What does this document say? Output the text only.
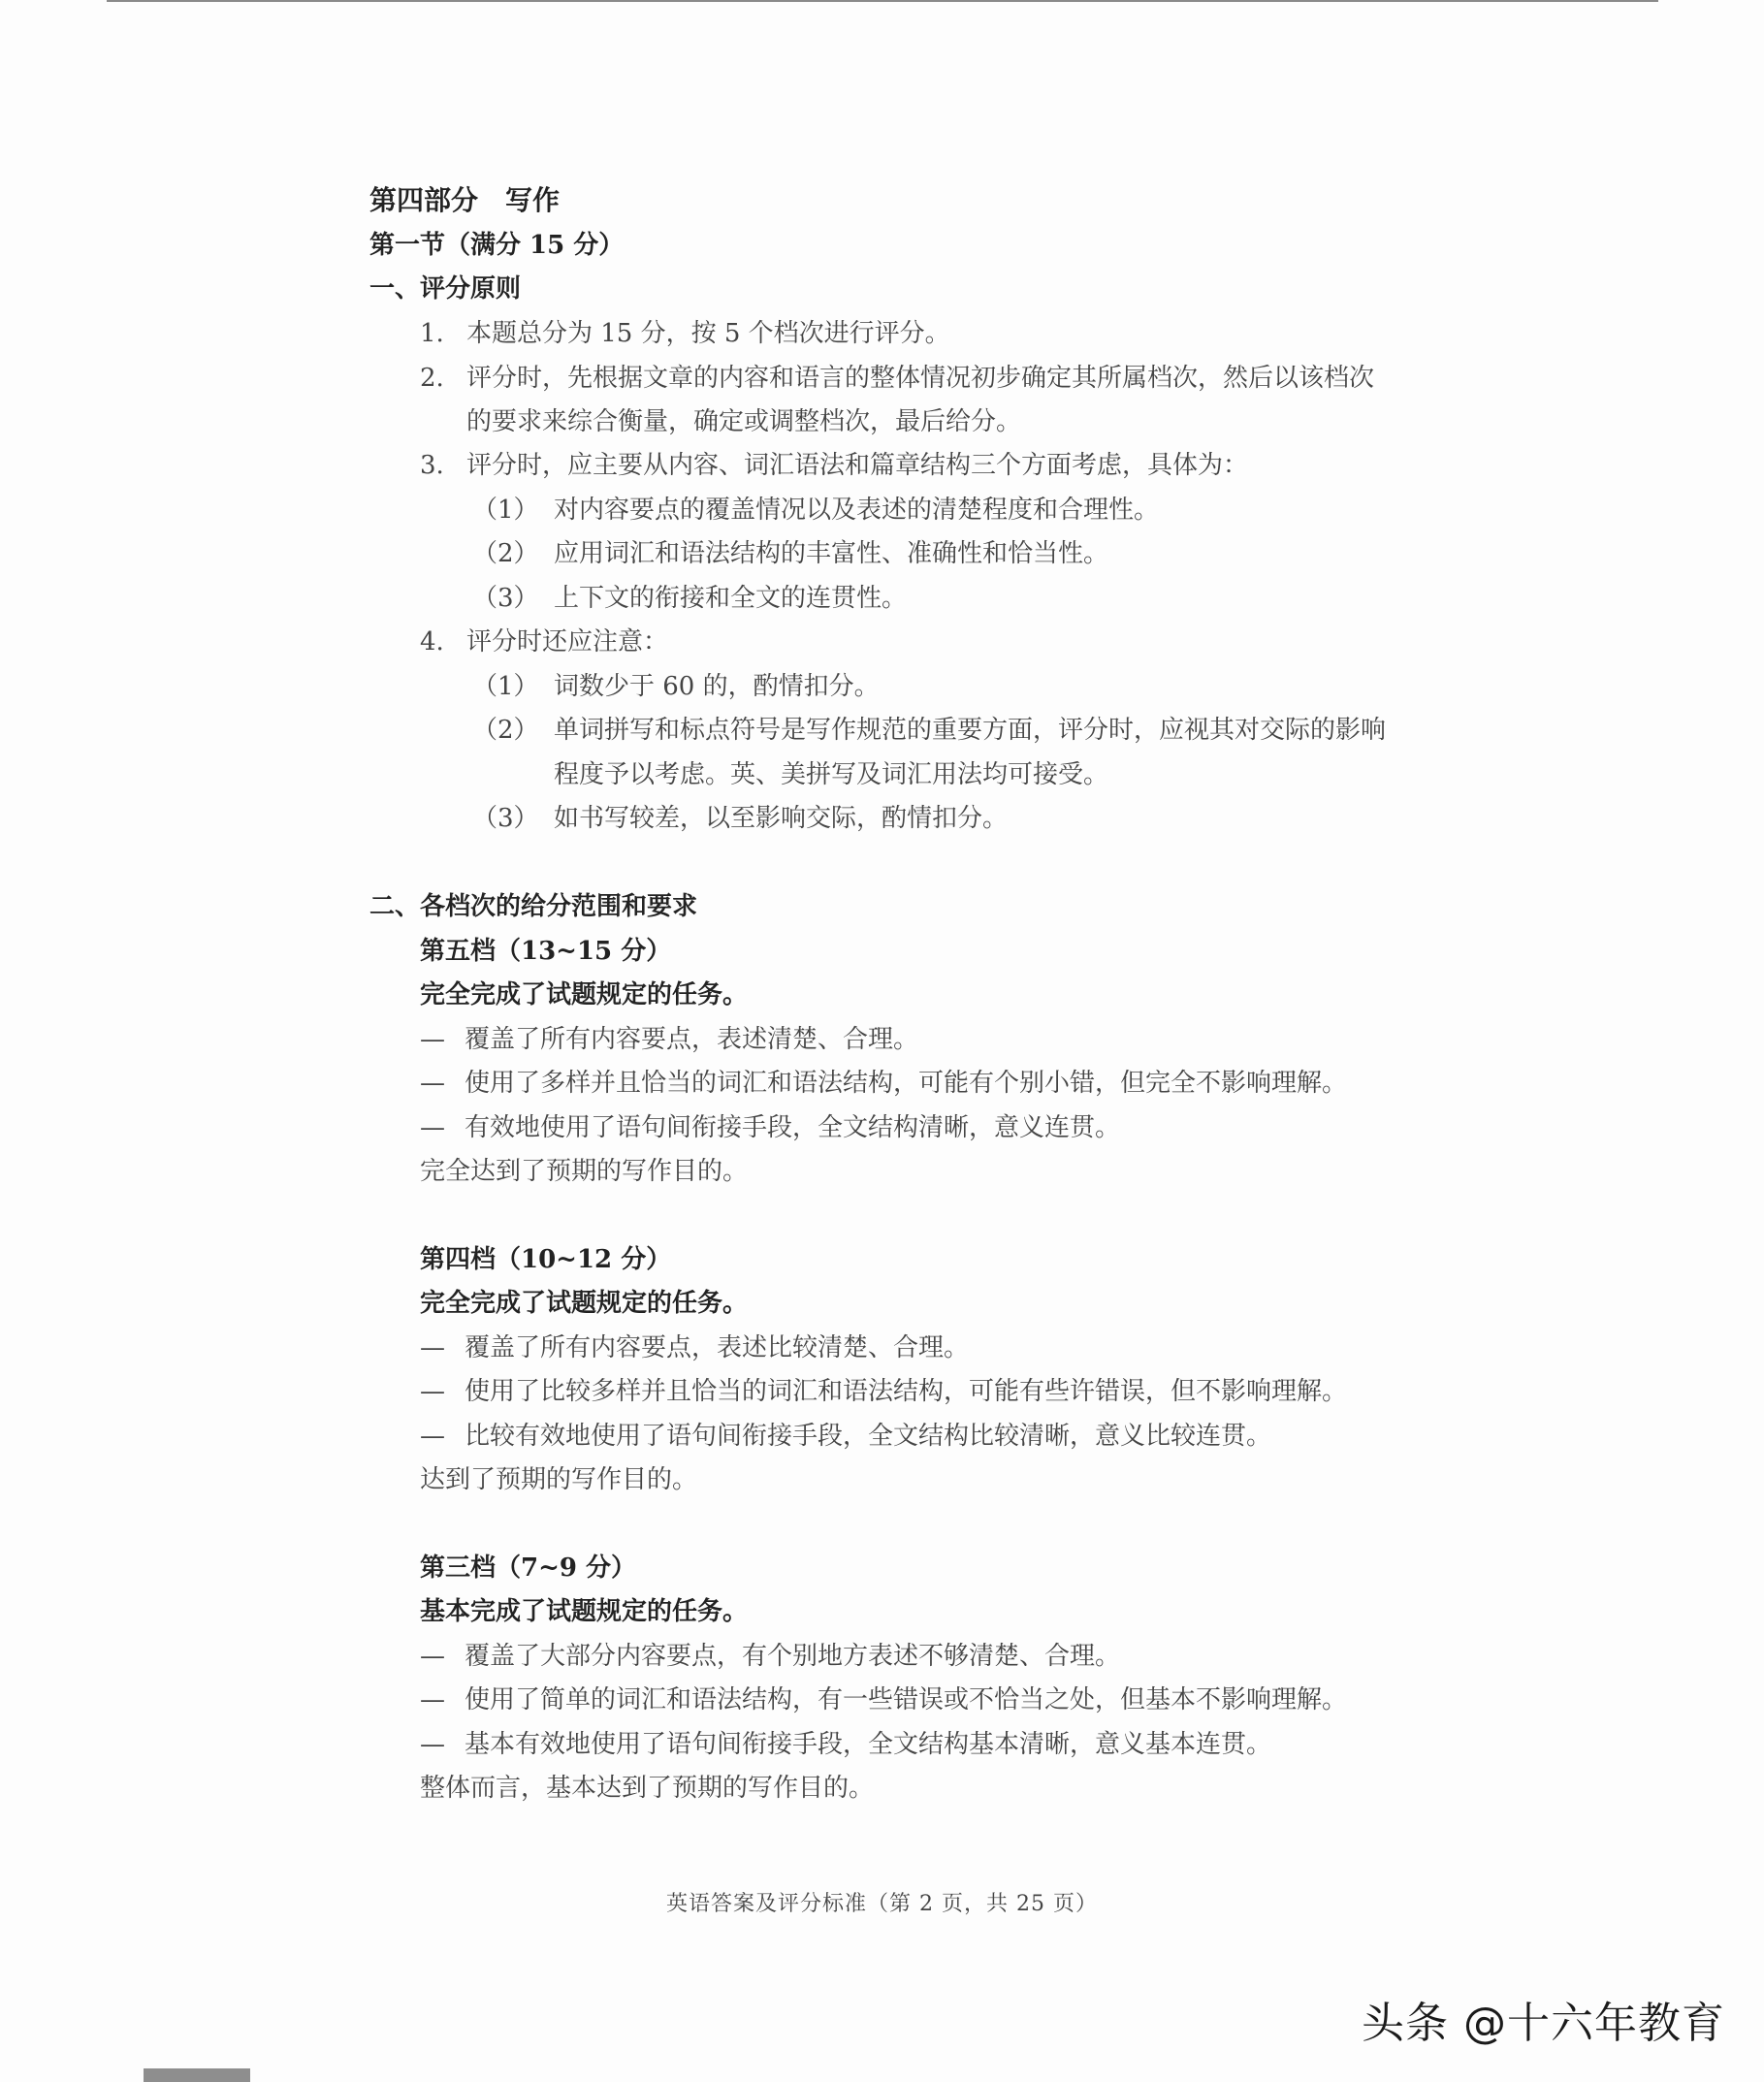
第四部分　写作
第一节（满分 15 分）
一、评分原则
1. 本题总分为 15 分，按 5 个档次进行评分。
2. 评分时，先根据文章的内容和语言的整体情况初步确定其所属档次，然后以该档次
的要求来综合衡量，确定或调整档次，最后给分。
3. 评分时，应主要从内容、词汇语法和篇章结构三个方面考虑，具体为：
（1） 对内容要点的覆盖情况以及表述的清楚程度和合理性。
（2） 应用词汇和语法结构的丰富性、准确性和恰当性。
（3） 上下文的衔接和全文的连贯性。
4. 评分时还应注意：
（1） 词数少于 60 的，酌情扣分。
（2） 单词拼写和标点符号是写作规范的重要方面，评分时，应视其对交际的影响
程度予以考虑。英、美拼写及词汇用法均可接受。
（3） 如书写较差，以至影响交际，酌情扣分。
二、各档次的给分范围和要求
第五档（13~15 分）
完全完成了试题规定的任务。
— 覆盖了所有内容要点，表述清楚、合理。
— 使用了多样并且恰当的词汇和语法结构，可能有个别小错，但完全不影响理解。
— 有效地使用了语句间衔接手段，全文结构清晰，意义连贯。
完全达到了预期的写作目的。
第四档（10~12 分）
完全完成了试题规定的任务。
— 覆盖了所有内容要点，表述比较清楚、合理。
— 使用了比较多样并且恰当的词汇和语法结构，可能有些许错误，但不影响理解。
— 比较有效地使用了语句间衔接手段，全文结构比较清晰，意义比较连贯。
达到了预期的写作目的。
第三档（7~9 分）
基本完成了试题规定的任务。
— 覆盖了大部分内容要点，有个别地方表述不够清楚、合理。
— 使用了简单的词汇和语法结构，有一些错误或不恰当之处，但基本不影响理解。
— 基本有效地使用了语句间衔接手段，全文结构基本清晰，意义基本连贯。
整体而言，基本达到了预期的写作目的。
英语答案及评分标准（第 2 页，共 25 页）
头条 @十六年教育
